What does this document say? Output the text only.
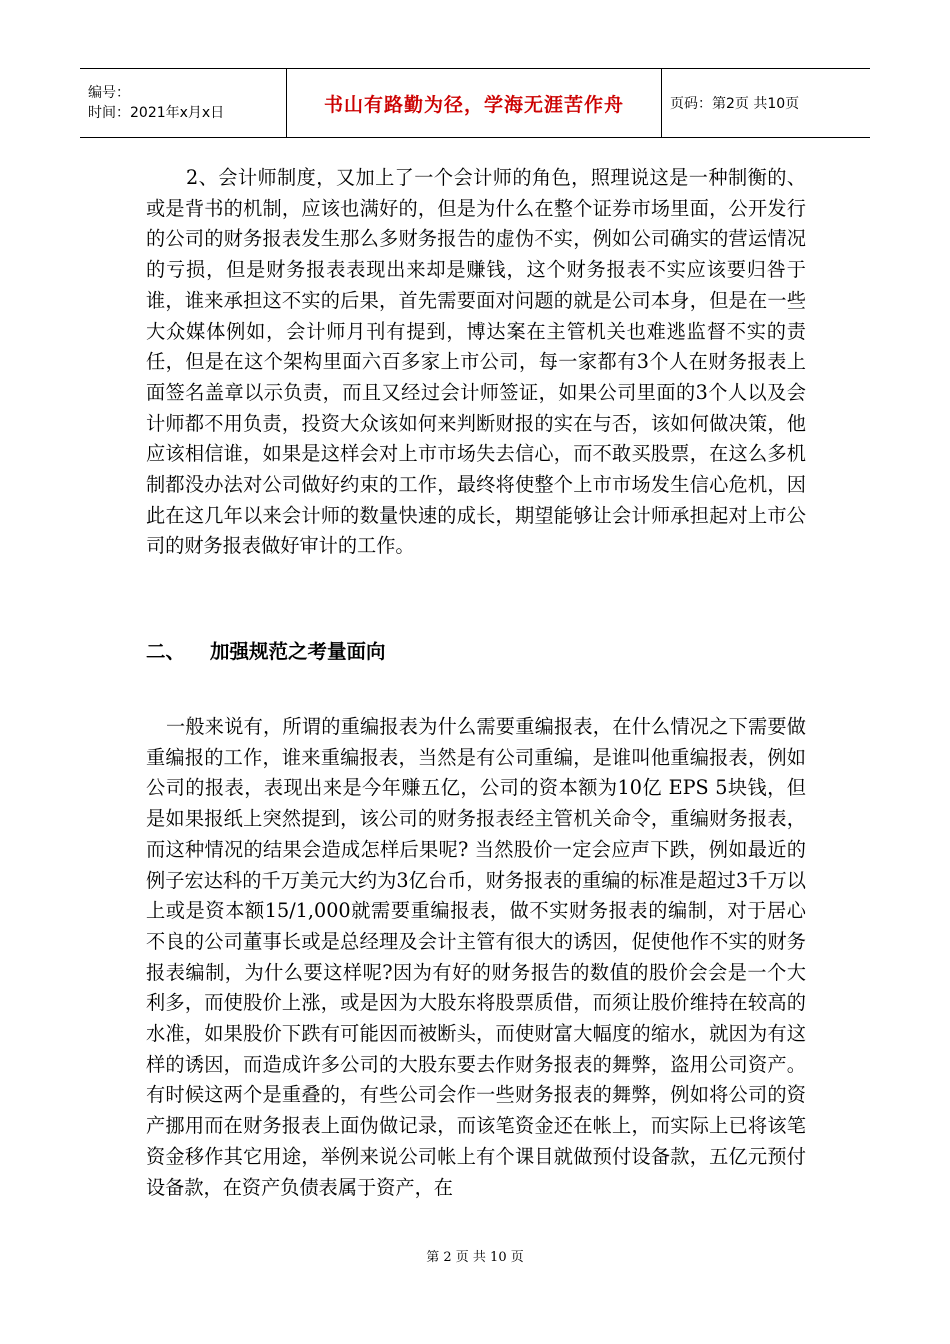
编号：
时间：2021年x月x日	书山有路勤为径，学海无涯苦作舟	页码：第2页 共10页
2、会计师制度，又加上了一个会计师的角色，照理说这是一种制衡的、或是背书的机制，应该也满好的，但是为什么在整个证券市场里面，公开发行的公司的财务报表发生那么多财务报告的虚伪不实，例如公司确实的营运情况的亏损，但是财务报表表现出来却是赚钱，这个财务报表不实应该要归咎于谁，谁来承担这不实的后果，首先需要面对问题的就是公司本身，但是在一些大众媒体例如，会计师月刊有提到，博达案在主管机关也难逃监督不实的责任，但是在这个架构里面六百多家上市公司，每一家都有3个人在财务报表上面签名盖章以示负责，而且又经过会计师签证，如果公司里面的3个人以及会计师都不用负责，投资大众该如何来判断财报的实在与否，该如何做决策，他应该相信谁，如果是这样会对上市市场失去信心，而不敢买股票，在这么多机制都没办法对公司做好约束的工作，最终将使整个上市市场发生信心危机，因此在这几年以来会计师的数量快速的成长，期望能够让会计师承担起对上市公司的财务报表做好审计的工作。
二、	加强规范之考量面向
一般来说有，所谓的重编报表为什么需要重编报表，在什么情况之下需要做重编报的工作，谁来重编报表，当然是有公司重编，是谁叫他重编报表，例如公司的报表，表现出来是今年赚五亿，公司的资本额为10亿 EPS 5块钱，但是如果报纸上突然提到，该公司的财务报表经主管机关命令，重编财务报表，而这种情况的结果会造成怎样后果呢? 当然股价一定会应声下跌，例如最近的例子宏达科的千万美元大约为3亿台币，财务报表的重编的标准是超过3千万以上或是资本额15/1,000就需要重编报表，做不实财务报表的编制，对于居心不良的公司董事长或是总经理及会计主管有很大的诱因，促使他作不实的财务报表编制，为什么要这样呢?因为有好的财务报告的数值的股价会会是一个大利多，而使股价上涨，或是因为大股东将股票质借，而须让股价维持在较高的水准，如果股价下跌有可能因而被断头，而使财富大幅度的缩水，就因为有这样的诱因，而造成许多公司的大股东要去作财务报表的舞弊，盗用公司资产。有时候这两个是重叠的，有些公司会作一些财务报表的舞弊，例如将公司的资产挪用而在财务报表上面伪做记录，而该笔资金还在帐上，而实际上已将该笔资金移作其它用途，举例来说公司帐上有个课目就做预付设备款，五亿元预付设备款，在资产负债表属于资产，在
第 2 页 共 10 页
